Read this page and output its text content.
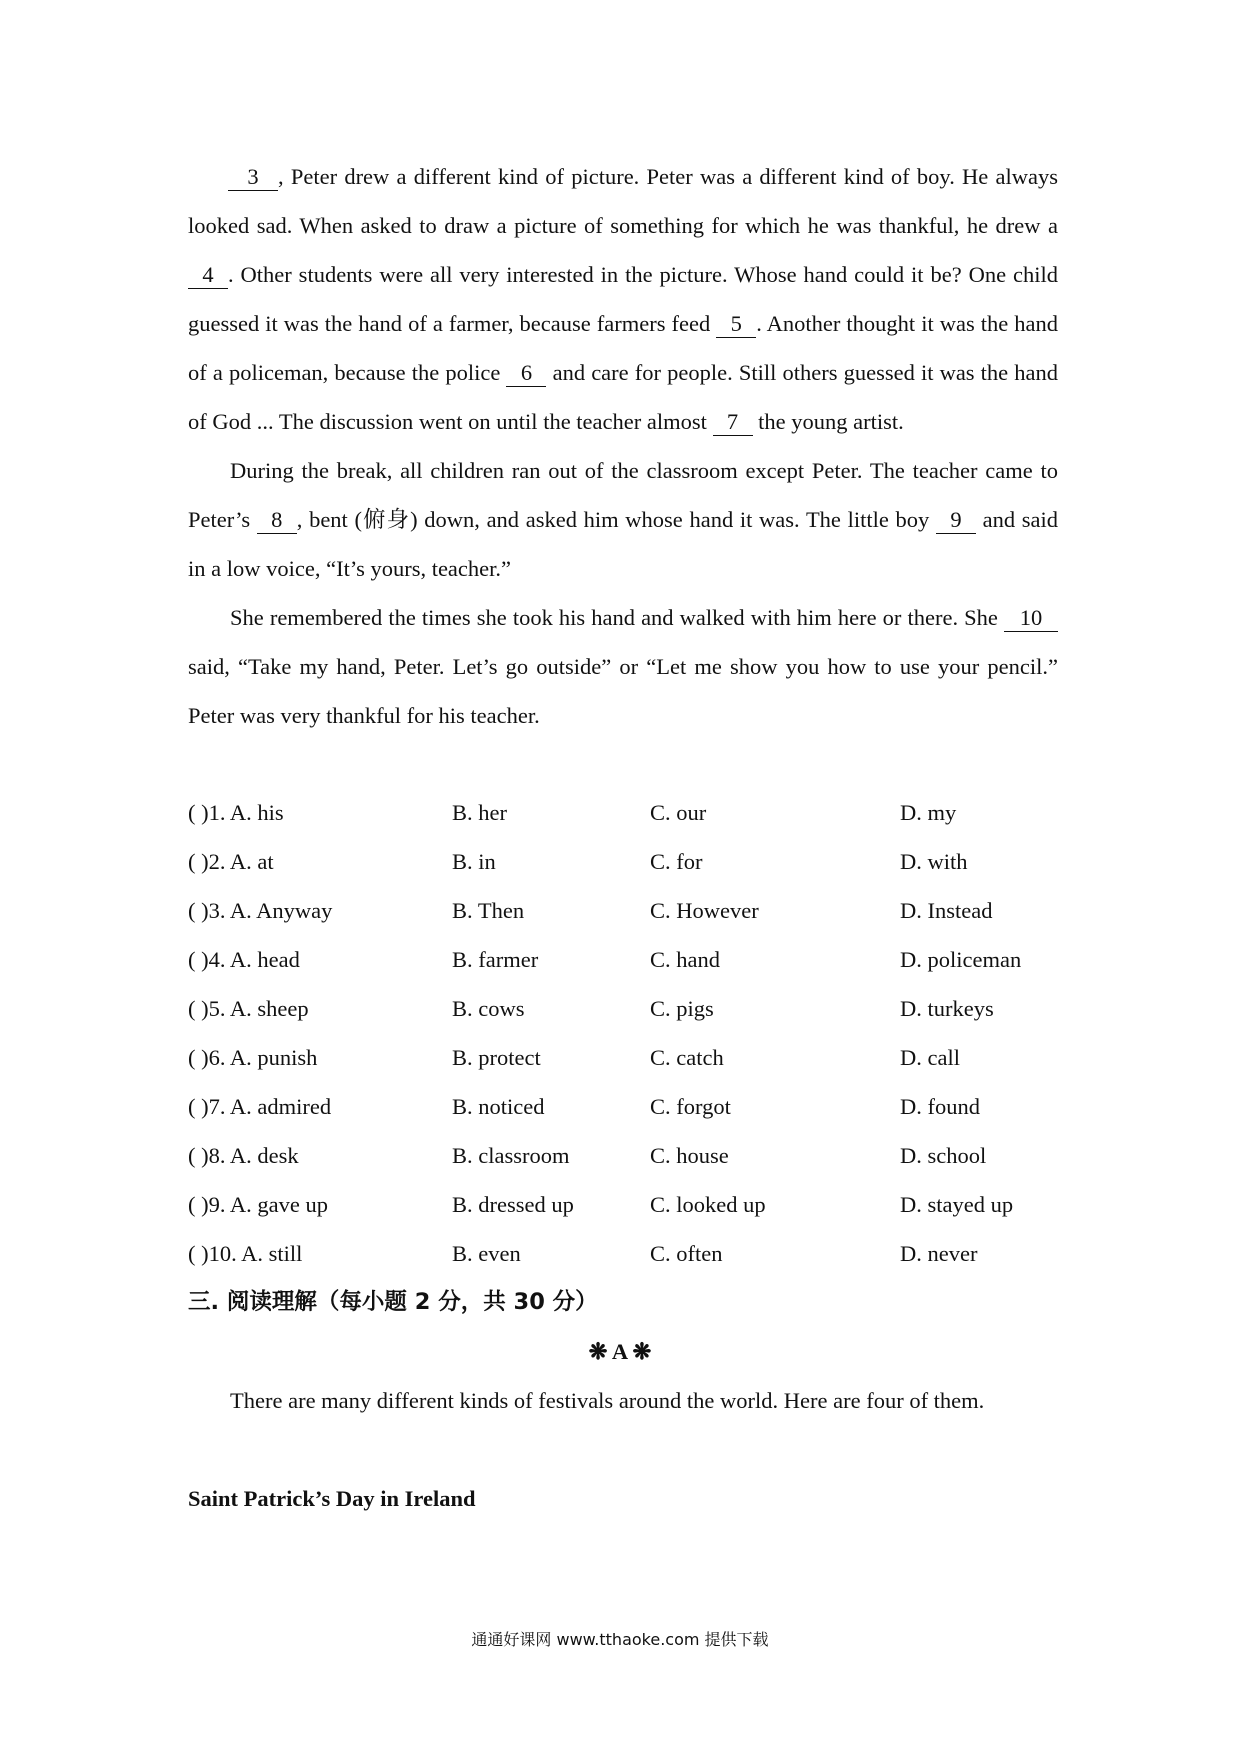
3 , Peter drew a different kind of picture. Peter was a different kind of boy. He always looked sad. When asked to draw a picture of something for which he was thankful, he drew a 4 . Other students were all very interested in the picture. Whose hand could it be? One child guessed it was the hand of a farmer, because farmers feed 5 . Another thought it was the hand of a policeman, because the police 6 and care for people. Still others guessed it was the hand of God ... The discussion went on until the teacher almost 7 the young artist.

During the break, all children ran out of the classroom except Peter. The teacher came to Peter’s 8 , bent (俯身) down, and asked him whose hand it was. The little boy 9 and said in a low voice, “It’s yours, teacher.”

She remembered the times she took his hand and walked with him here or there. She 10 said, “Take my hand, Peter. Let’s go outside” or “Let me show you how to use your pencil.” Peter was very thankful for his teacher.

( )1. A. his	B. her	C. our	D. my
( )2. A. at	B. in	C. for	D. with
( )3. A. Anyway	B. Then	C. However	D. Instead
( )4. A. head	B. farmer	C. hand	D. policeman
( )5. A. sheep	B. cows	C. pigs	D. turkeys
( )6. A. punish	B. protect	C. catch	D. call
( )7. A. admired	B. noticed	C. forgot	D. found
( )8. A. desk	B. classroom	C. house	D. school
( )9. A. gave up	B. dressed up	C. looked up	D. stayed up
( )10. A. still	B. even	C. often	D. never
三. 阅读理解（每小题 2 分，共 30 分）
❋ A ❋

There are many different kinds of festivals around the world. Here are four of them.

Saint Patrick’s Day in Ireland
通通好课网 www.tthaoke.com 提供下载
